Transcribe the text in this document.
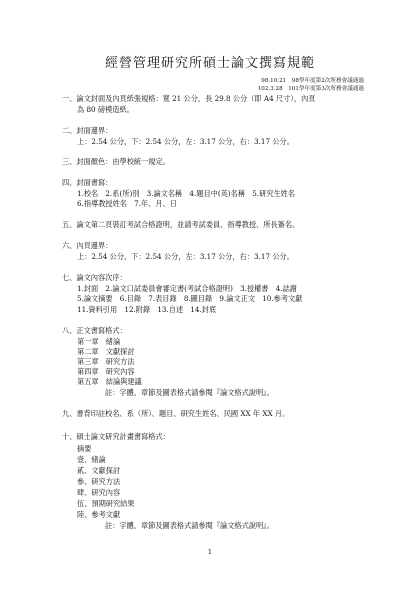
經營管理研究所碩士論文撰寫規範
98.10.21　98學年度第2次所務會議通過
102.3.28　101學年度第3次所務會議通過
一、論文封面及內頁紙張規格：寬 21 公分，長 29.8 公分（即 A4 尺寸），內頁
為 80 磅模造紙。
二、封面邊界：
上：2.54 公分，下：2.54 公分，左：3.17 公分，右：3.17 公分。
三、封面顏色：由學校統一規定。
四、封面書寫：
1.校名　2.系(所)別　3.論文名稱　4.題目中(英)名稱　5.研究生姓名
6.指導教授姓名　7.年、月、日
五、論文第二頁裝訂考試合格證明，並請考試委員、指導教授、所長簽名。
六、內頁邊界：
上：2.54 公分，下：2.54 公分，左：3.17 公分，右：3.17 公分。
七、論文內容次序：
1.封面　2.論文口試委員會審定書(考試合格證明)　3.授權書　4.誌謝
5.論文摘要　6.目錄　7.表目錄　8.圖目錄　9.論文正文　10.參考文獻
11.資料引用　12.附錄　13.自述　14.封底
八、正文書寫格式：
第一章　緒論
第二章　文獻探討
第三章　研究方法
第四章　研究內容
第五章　結論與建議
註：字體、章節及圖表格式請參閱『論文格式說明』。
九、書背印註校名、系（所）、題目、研究生姓名、民國 XX 年 XX 月。
十、碩士論文研究計畫書寫格式：
摘要
壹、緒論
貳、文獻探討
參、研究方法
肆、研究內容
伍、預期研究結果
陸、參考文獻
註：字體、章節及圖表格式請參閱『論文格式說明』。
1
